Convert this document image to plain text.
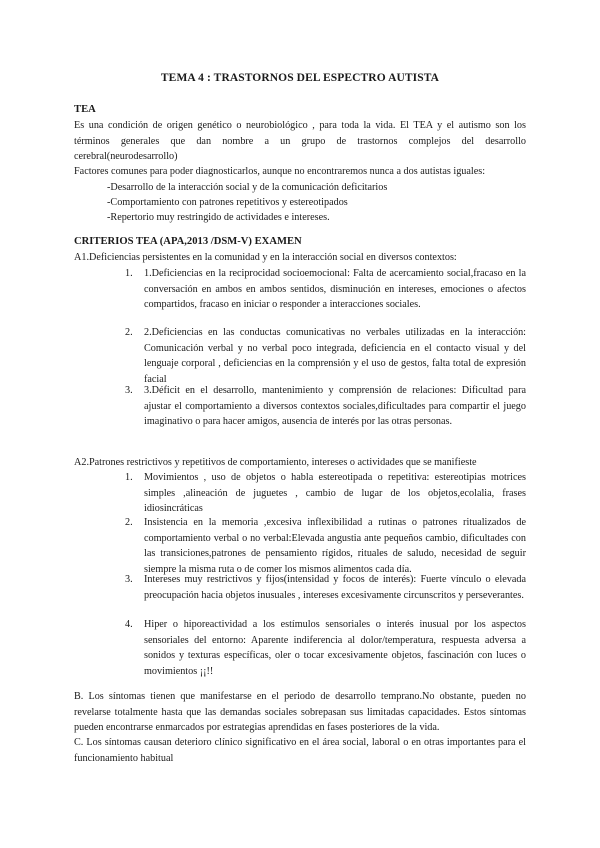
TEMA 4 : TRASTORNOS DEL ESPECTRO AUTISTA
TEA

Es una condición de origen genético o neurobiológico , para toda la vida. El TEA y el autismo son los términos generales que dan nombre a un grupo de trastornos complejos del desarrollo cerebral(neurodesarrollo)

Factores comunes para poder diagnosticarlos, aunque no encontraremos nunca a dos autistas iguales:

-Desarrollo de la interacción social y de la comunicación deficitarios

-Comportamiento con patrones repetitivos y estereotipados

-Repertorio muy restringido de actividades e intereses.

CRITERIOS TEA (APA,2013 /DSM-V) EXAMEN

A1.Deficiencias persistentes en la comunidad y en la interacción social en diversos contextos:

1. 1.Deficiencias en la reciprocidad socioemocional: Falta de acercamiento social,fracaso en la conversación en ambos en ambos sentidos, disminución en intereses, emociones o afectos compartidos, fracaso en iniciar o responder a interacciones sociales.

2. 2.Deficiencias en las conductas comunicativas no verbales utilizadas en la interacción: Comunicación verbal y no verbal poco integrada, deficiencia en el contacto visual y del lenguaje corporal , deficiencias en la comprensión y el uso de gestos, falta total de expresión facial

3. 3.Déficit en el desarrollo, mantenimiento y comprensión de relaciones: Dificultad para ajustar el comportamiento a diversos contextos sociales,dificultades para compartir el juego imaginativo o para hacer amigos, ausencia de interés por las otras personas.

A2.Patrones restrictivos y repetitivos de comportamiento, intereses o actividades que se manifieste

1. Movimientos , uso de objetos o habla estereotipada o repetitiva: estereotipias motrices simples ,alineación de juguetes , cambio de lugar de los objetos,ecolalia, frases idiosincráticas

2. Insistencia en la memoria ,excesiva inflexibilidad a rutinas o patrones ritualizados de comportamiento verbal o no verbal:Elevada angustia ante pequeños cambio, dificultades con las transiciones,patrones de pensamiento rígidos, rituales de saludo, necesidad de seguir siempre la misma ruta o de comer los mismos alimentos cada día.

3. Intereses muy restrictivos y fijos(intensidad y focos de interés): Fuerte vínculo o elevada preocupación hacia objetos inusuales , intereses excesivamente circunscritos y perseverantes.

4. Hiper o hiporeactividad a los estímulos sensoriales o interés inusual por los aspectos sensoriales del entorno: Aparente indiferencia al dolor/temperatura, respuesta adversa a sonidos y texturas específicas, oler o tocar excesivamente objetos, fascinación con luces o movimientos ¡¡!!

B. Los síntomas tienen que manifestarse en el periodo de desarrollo temprano.No obstante, pueden no revelarse totalmente hasta que las demandas sociales sobrepasan sus limitadas capacidades. Estos síntomas pueden encontrarse enmarcados por estrategias aprendidas en fases posteriores de la vida.

C. Los síntomas causan deterioro clínico significativo en el área social, laboral o en otras importantes para el funcionamiento habitual
